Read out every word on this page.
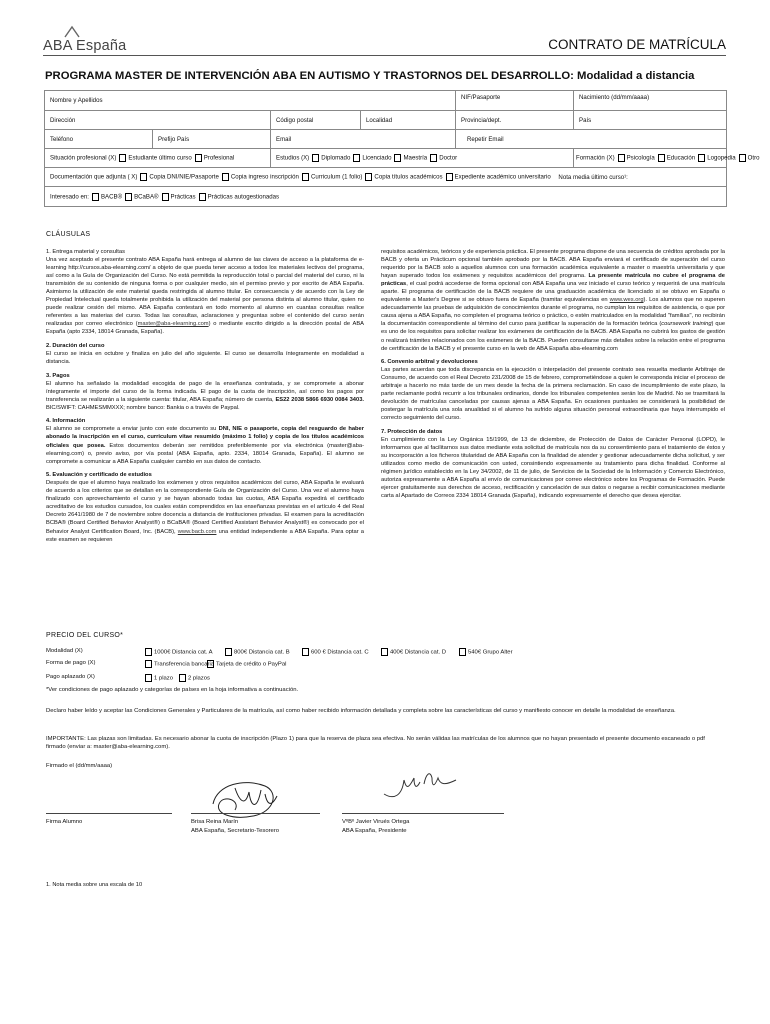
ABA España	CONTRATO DE MATRÍCULA
PROGRAMA MASTER DE INTERVENCIÓN ABA EN AUTISMO Y TRASTORNOS DEL DESARROLLO: Modalidad a distancia
Nombre y Apellidos				NIF/Pasaporte	Nacimiento (dd/mm/aaaa)
Dirección		Código postal	Localidad	Provincia/dept.	País
Teléfono	Prefijo País	Email		Repetir Email	
Situación profesional (X) Estudiante último curso Profesional		Estudios (X) Diplomado Licenciado Maestría Doctor			Formación (X) Psicología Educación Logopedia Otro
Documentación que adjunta ( X) Copia DNI/NIE/Pasaporte Copia ingreso inscripción Curriculum (1 folio) Copia títulos académicos Expediente académico universitario Nota media último curso¹:					
Interesado en: BACB® BCaBA® Prácticas Prácticas autogestionadas					
CLÁUSULAS
1. Entrega material y consultas

Una vez aceptado el presente contrato ABA España hará entrega al alumno de las claves de acceso a la plataforma de e-learning http://cursos.aba-elearning.com/ a objeto de que pueda tener acceso a todos los materiales lectivos del programa, así como a la Guía de Organización del Curso. No está permitida la reproducción total o parcial del material del curso, ni la transmisión de su contenido de ninguna forma o por cualquier medio, sin el permiso previo y por escrito de ABA España. Asimismo la utilización de este material queda restringida al alumno titular. En consecuencia y de acuerdo con la Ley de Propiedad Intelectual queda totalmente prohibida la utilización del material por persona distinta al alumno titular, quien no puede realizar cesión del mismo. ABA España contestará en todo momento al alumno en cuantas consultas realice referentes a las materias del curso. Todas las consultas, aclaraciones y preguntas sobre el contenido del curso serán realizadas por correo electrónico (master@aba-elearning.com) o mediante escrito dirigido a la dirección postal de ABA España (apto 2334, 18014 Granada, España).

2. Duración del curso

El curso se inicia en octubre y finaliza en julio del año siguiente. El curso se desarrolla íntegramente en modalidad a distancia.

3. Pagos

El alumno ha señalado la modalidad escogida de pago de la enseñanza contratada, y se compromete a abonar íntegramente el importe del curso de la forma indicada. El pago de la cuota de inscripción, así como los pagos por transferencia se realizarán a la siguiente cuenta: titular, ABA España; número de cuenta, ES22 2038 5866 6930 0084 3403. BIC/SWIFT: CAHMESMMXXX; nombre banco: Bankia o a través de Paypal.

4. Información

El alumno se compromete a enviar junto con este documento su DNI, NIE o pasaporte, copia del resguardo de haber abonado la inscripción en el curso, curriculum vitae resumido (máximo 1 folio) y copia de los títulos académicos oficiales que posea. Estos documentos deberán ser remitidos preferiblemente por vía electrónica (master@aba-elearning.com) o, previo aviso, por vía postal (ABA España, apto. 2334, 18014 Granada, España). El alumno se compromete a comunicar a ABA España cualquier cambio en sus datos de contacto.

5. Evaluación y certificado de estudios

Después de que el alumno haya realizado los exámenes y otros requisitos académicos del curso, ABA España le evaluará de acuerdo a los criterios que se detallan en la correspondiente Guía de Organización del Curso. Una vez el alumno haya finalizado con aprovechamiento el curso y se hayan abonado todas las cuotas, ABA España expedirá el certificado acreditativo de los estudios cursados, los cuales están comprendidos en las enseñanzas previstas en el artículo 4 del Real Decreto 2641/1980 de 7 de noviembre sobre docencia a distancia de instituciones privadas. El examen para la acreditación BCBA® (Board Certified Behavior Analyst®) o BCaBA® (Board Certified Assistant Behavior Analyst®) es convocado por el Behavior Analyst Certification Board, Inc. (BACB), www.bacb.com una entidad independiente a ABA España. Para optar a este examen se requieren

requisitos académicos, teóricos y de experiencia práctica. El presente programa dispone de una secuencia de créditos aprobada por la BACB y oferta un Prácticum opcional también aprobado por la BACB. ABA España enviará el certificado de superación del curso requerido por la BACB solo a aquellos alumnos con una formación académica equivalente a master o maestría universitaria y que hayan superado todos los exámenes y requisitos académicos del programa. La presente matrícula no cubre el programa de prácticas, el cual podrá accederse de forma opcional con ABA España una vez iniciado el curso teórico y requerirá de una matrícula aparte. El programa de certificación de la BACB requiere de una graduación académica de licenciado si se obtuvo en España o equivalente a Master's Degree si se obtuvo fuera de España (tramitar equivalencias en www.wes.org). Los alumnos que no superen adecuadamente las pruebas de adquisición de conocimientos durante el programa, no cumplan los requisitos de asistencia, o que por causa ajena a ABA España, no completen el programa teórico o práctico, o estén matriculados en la modalidad "familias", no recibirán la documentación correspondiente al término del curso para justificar la superación de la formación teórica (coursework training) que es uno de los requisitos para solicitar realizar los exámenes de certificación de la BACB. ABA España no cubrirá los gastos de gestión o realizará trámites relacionados con los exámenes de la BACB. Pueden consultarse más detalles sobre la relación entre el programa de certificación de la BACB y el presente curso en la web de ABA España aba-elearning.com

6. Convenio arbitral y devoluciones

Las partes acuerdan que toda discrepancia en la ejecución o interpelación del presente contrato sea resuelta mediante Arbitraje de Consumo, de acuerdo con el Real Decreto 231/2008 de 15 de febrero, comprometiéndose a quien le corresponda iniciar el proceso de arbitraje a hacerlo no más tarde de un mes desde la fecha de la primera reclamación. En caso de incumplimiento de este plazo, la parte reclamante podrá recurrir a los tribunales ordinarios, donde los tribunales competentes serán los de Madrid. No se trasmitará la devolución de matrículas canceladas por causas ajenas a ABA España. En ocasiones puntuales se considerará la posibilidad de postergar la matrícula una sola anualidad si el alumno ha sufrido alguna situación personal extraordinaria que haya interrumpido el correcto seguimiento del curso.

7. Protección de datos

En cumplimiento con la Ley Orgánica 15/1999, de 13 de diciembre, de Protección de Datos de Carácter Personal (LOPD), le informamos que al facilitarnos sus datos mediante esta solicitud de matrícula nos da su consentimiento para el tratamiento de éstos y su incorporación a los ficheros titularidad de ABA España con la finalidad de atender y gestionar adecuadamente dicha solicitud, y ser utilizados como medio de comunicación con usted, consintiendo expresamente su tratamiento para dicha finalidad. Conforme al régimen jurídico establecido en la Ley 34/2002, de 11 de julio, de Servicios de la Sociedad de la Información y Comercio Electrónico, autoriza expresamente a ABA España al envío de comunicaciones por correo electrónico sobre los Programas de Formación. Puede ejercer gratuitamente sus derechos de acceso, rectificación y cancelación de sus datos o negarse a recibir comunicaciones mediante carta al Apartado de Correos 2334 18014 Granada (España), indicando expresamente el derecho que desea ejercitar.

PRECIO DEL CURSO*
Modalidad (X)	1000€ Distancia cat. A	800€ Distancia cat. B	600 € Distancia cat. C	400€ Distancia cat. D	540€ Grupo Alter
Forma de pago (X)	Transferencia bancaria Tarjeta de crédito o PayPal
Pago aplazado (X)	1 plazo	2 plazos
*Ver condiciones de pago aplazado y categorías de países en la hoja informativa a continuación.
Declaro haber leído y aceptar las Condiciones Generales y Particulares de la matrícula, así como haber recibido información detallada y completa sobre las características del curso y manifiesto conocer en detalle la modalidad de enseñanza.
IMPORTANTE: Las plazas son limitadas. Es necesario abonar la cuota de inscripción (Plazo 1) para que la reserva de plaza sea efectiva. No serán válidas las matrículas de los alumnos que no hayan presentado el presente documento escaneado o pdf firmado (enviar a: master@aba-elearning.com).
Firmado el (dd/mm/aaaa)
Firma Alumno	Brisa Reina Marín
ABA España, Secretario-Tesorero
VºBº Javier Virués Ortega
ABA España, Presidente
1. Nota media sobre una escala de 10
